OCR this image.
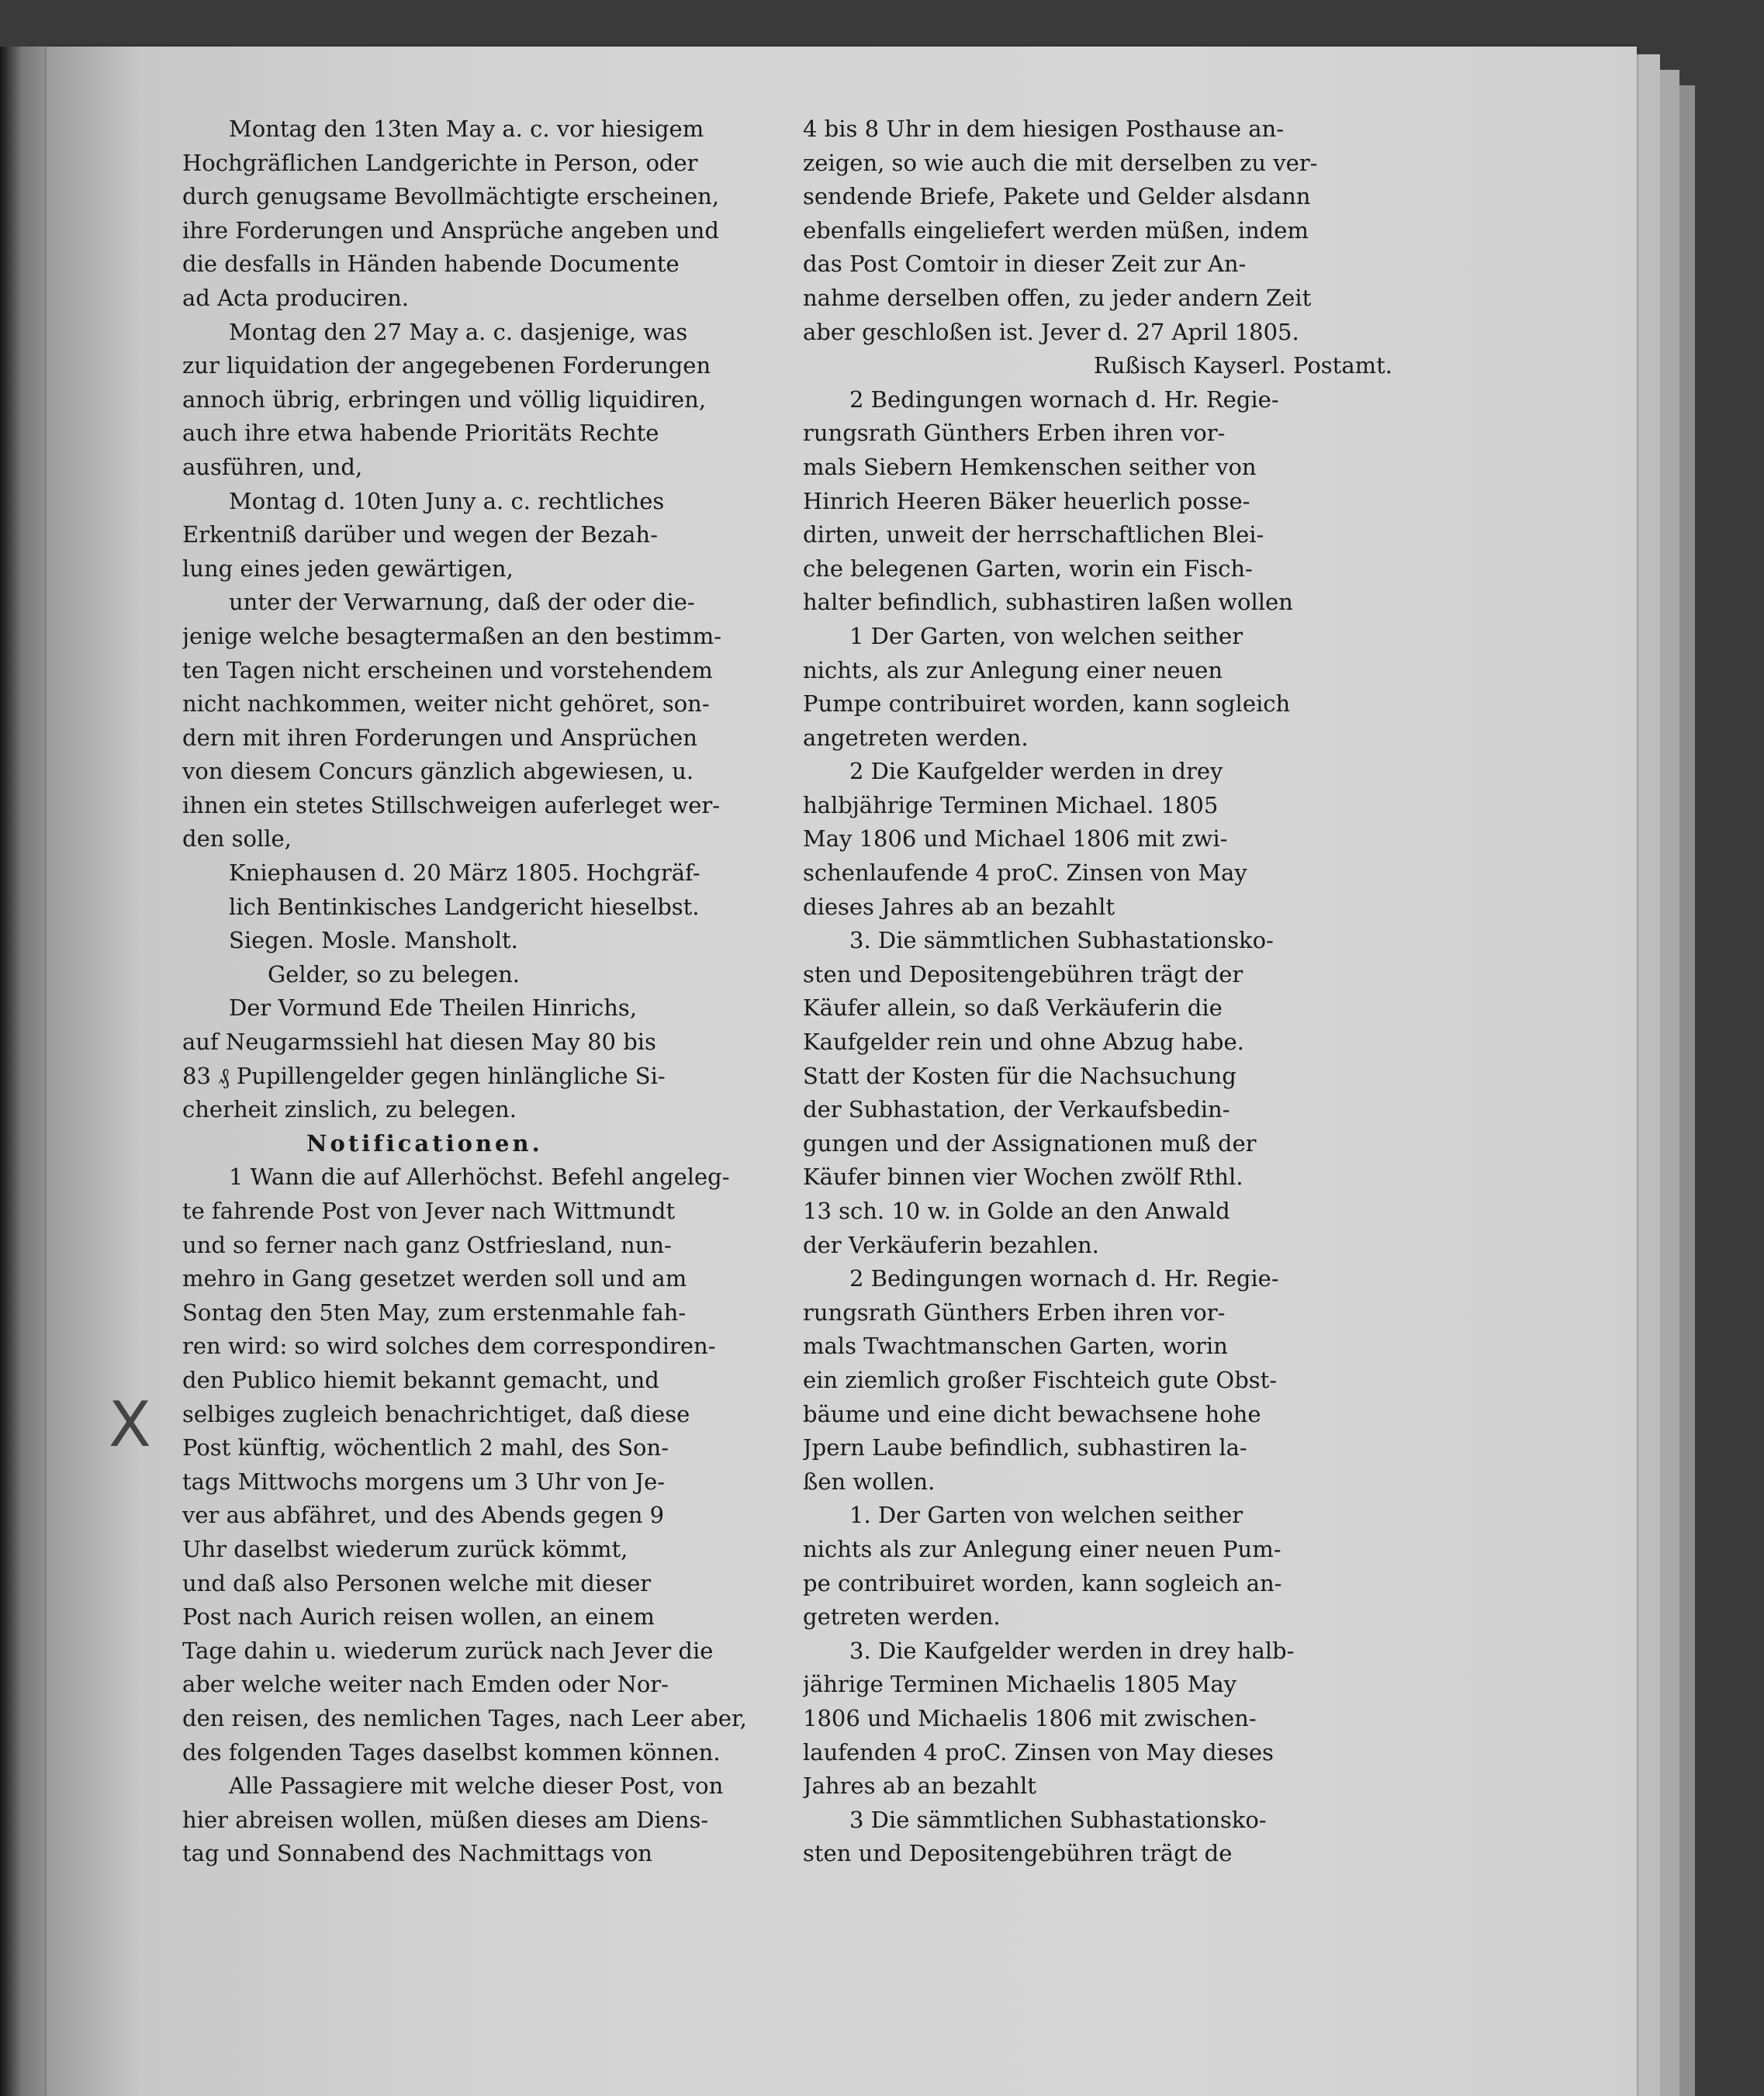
Montag den 13ten May a. c. vor hiesigem
Hochgräflichen Landgerichte in Person, oder
durch genugsame Bevollmächtigte erscheinen,
ihre Forderungen und Ansprüche angeben und
die desfalls in Händen habende Documente
ad Acta produciren.
Montag den 27 May a. c. dasjenige, was
zur liquidation der angegebenen Forderungen
annoch übrig, erbringen und völlig liquidiren,
auch ihre etwa habende Prioritäts Rechte
ausführen, und,
Montag d. 10ten Juny a. c. rechtliches
Erkentniß darüber und wegen der Bezah-
lung eines jeden gewärtigen,
unter der Verwarnung, daß der oder die-
jenige welche besagtermaßen an den bestimm-
ten Tagen nicht erscheinen und vorstehendem
nicht nachkommen, weiter nicht gehöret, son-
dern mit ihren Forderungen und Ansprüchen
von diesem Concurs gänzlich abgewiesen, u.
ihnen ein stetes Stillschweigen auferleget wer-
den solle,
Kniephausen d. 20 März 1805. Hochgräf-
lich Bentinkisches Landgericht hieselbst.
Siegen. Mosle. Mansholt.
Gelder, so zu belegen.
Der Vormund Ede Theilen Hinrichs,
auf Neugarmssiehl hat diesen May 80 bis
83 ₰ Pupillengelder gegen hinlängliche Si-
cherheit zinslich, zu belegen.
Notificationen.
1 Wann die auf Allerhöchst. Befehl angeleg-
te fahrende Post von Jever nach Wittmundt
und so ferner nach ganz Ostfriesland, nun-
mehro in Gang gesetzet werden soll und am
Sontag den 5ten May, zum erstenmahle fah-
ren wird: so wird solches dem correspondiren-
den Publico hiemit bekannt gemacht, und
selbiges zugleich benachrichtiget, daß diese
Post künftig, wöchentlich 2 mahl, des Son-
tags Mittwochs morgens um 3 Uhr von Je-
ver aus abfähret, und des Abends gegen 9
Uhr daselbst wiederum zurück kömmt,
und daß also Personen welche mit dieser
Post nach Aurich reisen wollen, an einem
Tage dahin u. wiederum zurück nach Jever die
aber welche weiter nach Emden oder Nor-
den reisen, des nemlichen Tages, nach Leer aber,
des folgenden Tages daselbst kommen können.
Alle Passagiere mit welche dieser Post, von
hier abreisen wollen, müßen dieses am Diens-
tag und Sonnabend des Nachmittags von
4 bis 8 Uhr in dem hiesigen Posthause an-
zeigen, so wie auch die mit derselben zu ver-
sendende Briefe, Pakete und Gelder alsdann
ebenfalls eingeliefert werden müßen, indem
das Post Comtoir in dieser Zeit zur An-
nahme derselben offen, zu jeder andern Zeit
aber geschloßen ist. Jever d. 27 April 1805.
Rußisch Kayserl. Postamt.
2 Bedingungen wornach d. Hr. Regie-
rungsrath Günthers Erben ihren vor-
mals Siebern Hemkenschen seither von
Hinrich Heeren Bäker heuerlich posse-
dirten, unweit der herrschaftlichen Blei-
che belegenen Garten, worin ein Fisch-
halter befindlich, subhastiren laßen wollen
1 Der Garten, von welchen seither
nichts, als zur Anlegung einer neuen
Pumpe contribuiret worden, kann sogleich
angetreten werden.
2 Die Kaufgelder werden in drey
halbjährige Terminen Michael. 1805
May 1806 und Michael 1806 mit zwi-
schenlaufende 4 proC. Zinsen von May
dieses Jahres ab an bezahlt
3. Die sämmtlichen Subhastationsko-
sten und Depositengebühren trägt der
Käufer allein, so daß Verkäuferin die
Kaufgelder rein und ohne Abzug habe.
Statt der Kosten für die Nachsuchung
der Subhastation, der Verkaufsbedin-
gungen und der Assignationen muß der
Käufer binnen vier Wochen zwölf Rthl.
13 sch. 10 w. in Golde an den Anwald
der Verkäuferin bezahlen.
2 Bedingungen wornach d. Hr. Regie-
rungsrath Günthers Erben ihren vor-
mals Twachtmanschen Garten, worin
ein ziemlich großer Fischteich gute Obst-
bäume und eine dicht bewachsene hohe
Jpern Laube befindlich, subhastiren la-
ßen wollen.
1. Der Garten von welchen seither
nichts als zur Anlegung einer neuen Pum-
pe contribuiret worden, kann sogleich an-
getreten werden.
3. Die Kaufgelder werden in drey halb-
jährige Terminen Michaelis 1805 May
1806 und Michaelis 1806 mit zwischen-
laufenden 4 proC. Zinsen von May dieses
Jahres ab an bezahlt
3 Die sämmtlichen Subhastationsko-
sten und Depositengebühren trägt de
X
